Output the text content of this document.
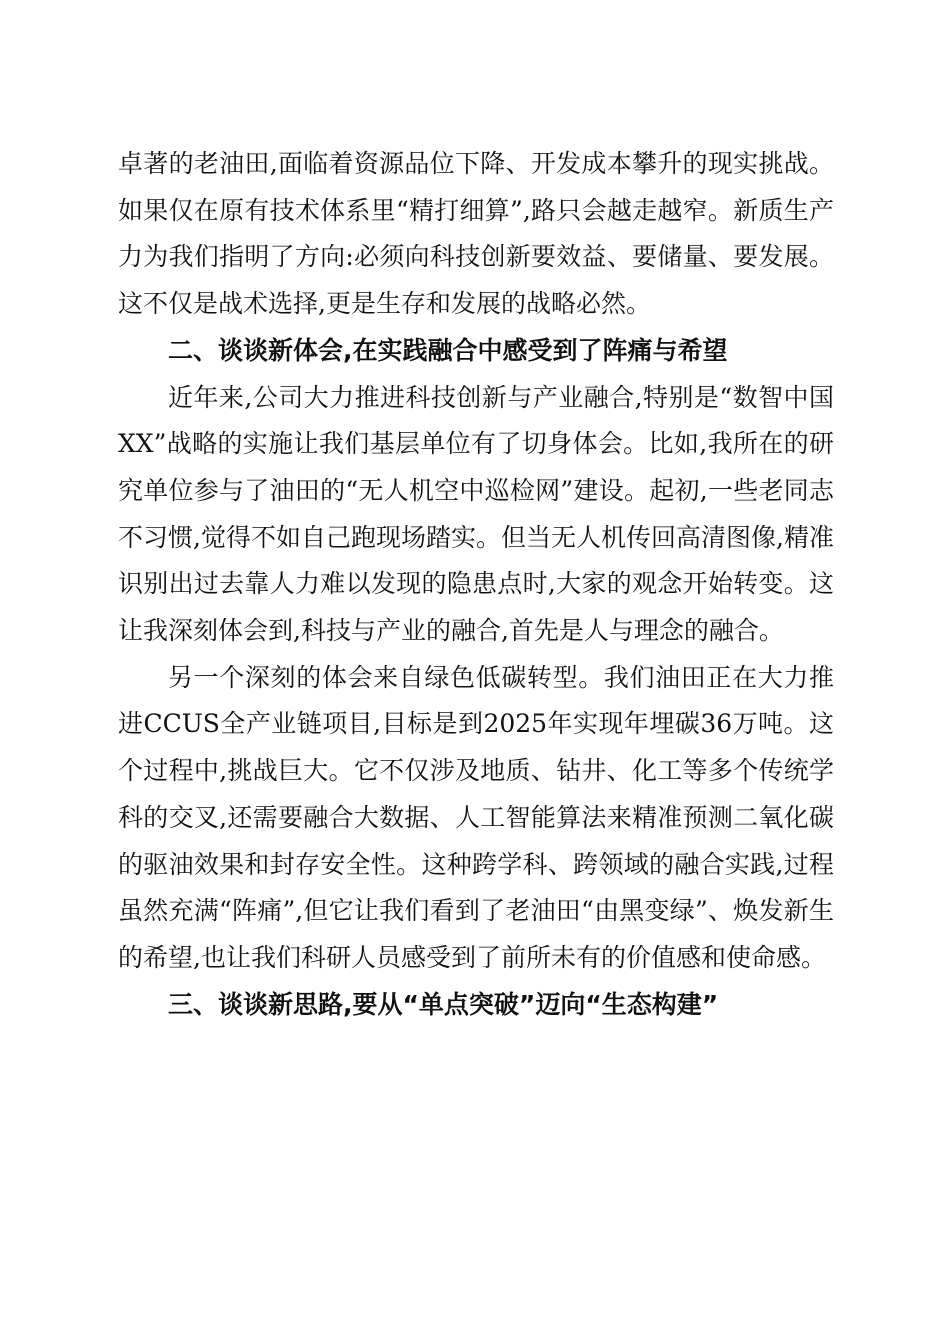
卓著的老油田,面临着资源品位下降、开发成本攀升的现实挑战。如果仅在原有技术体系里“精打细算”,路只会越走越窄。新质生产力为我们指明了方向:必须向科技创新要效益、要储量、要发展。这不仅是战术选择,更是生存和发展的战略必然。

二、谈谈新体会,在实践融合中感受到了阵痛与希望

近年来,公司大力推进科技创新与产业融合,特别是“数智中国XX”战略的实施让我们基层单位有了切身体会。比如,我所在的研究单位参与了油田的“无人机空中巡检网”建设。起初,一些老同志不习惯,觉得不如自己跑现场踏实。但当无人机传回高清图像,精准识别出过去靠人力难以发现的隐患点时,大家的观念开始转变。这让我深刻体会到,科技与产业的融合,首先是人与理念的融合。

另一个深刻的体会来自绿色低碳转型。我们油田正在大力推进CCUS全产业链项目,目标是到2025年实现年埋碳36万吨。这个过程中,挑战巨大。它不仅涉及地质、钻井、化工等多个传统学科的交叉,还需要融合大数据、人工智能算法来精准预测二氧化碳的驱油效果和封存安全性。这种跨学科、跨领域的融合实践,过程虽然充满“阵痛”,但它让我们看到了老油田“由黑变绿”、焕发新生的希望,也让我们科研人员感受到了前所未有的价值感和使命感。

三、谈谈新思路,要从“单点突破”迈向“生态构建”
